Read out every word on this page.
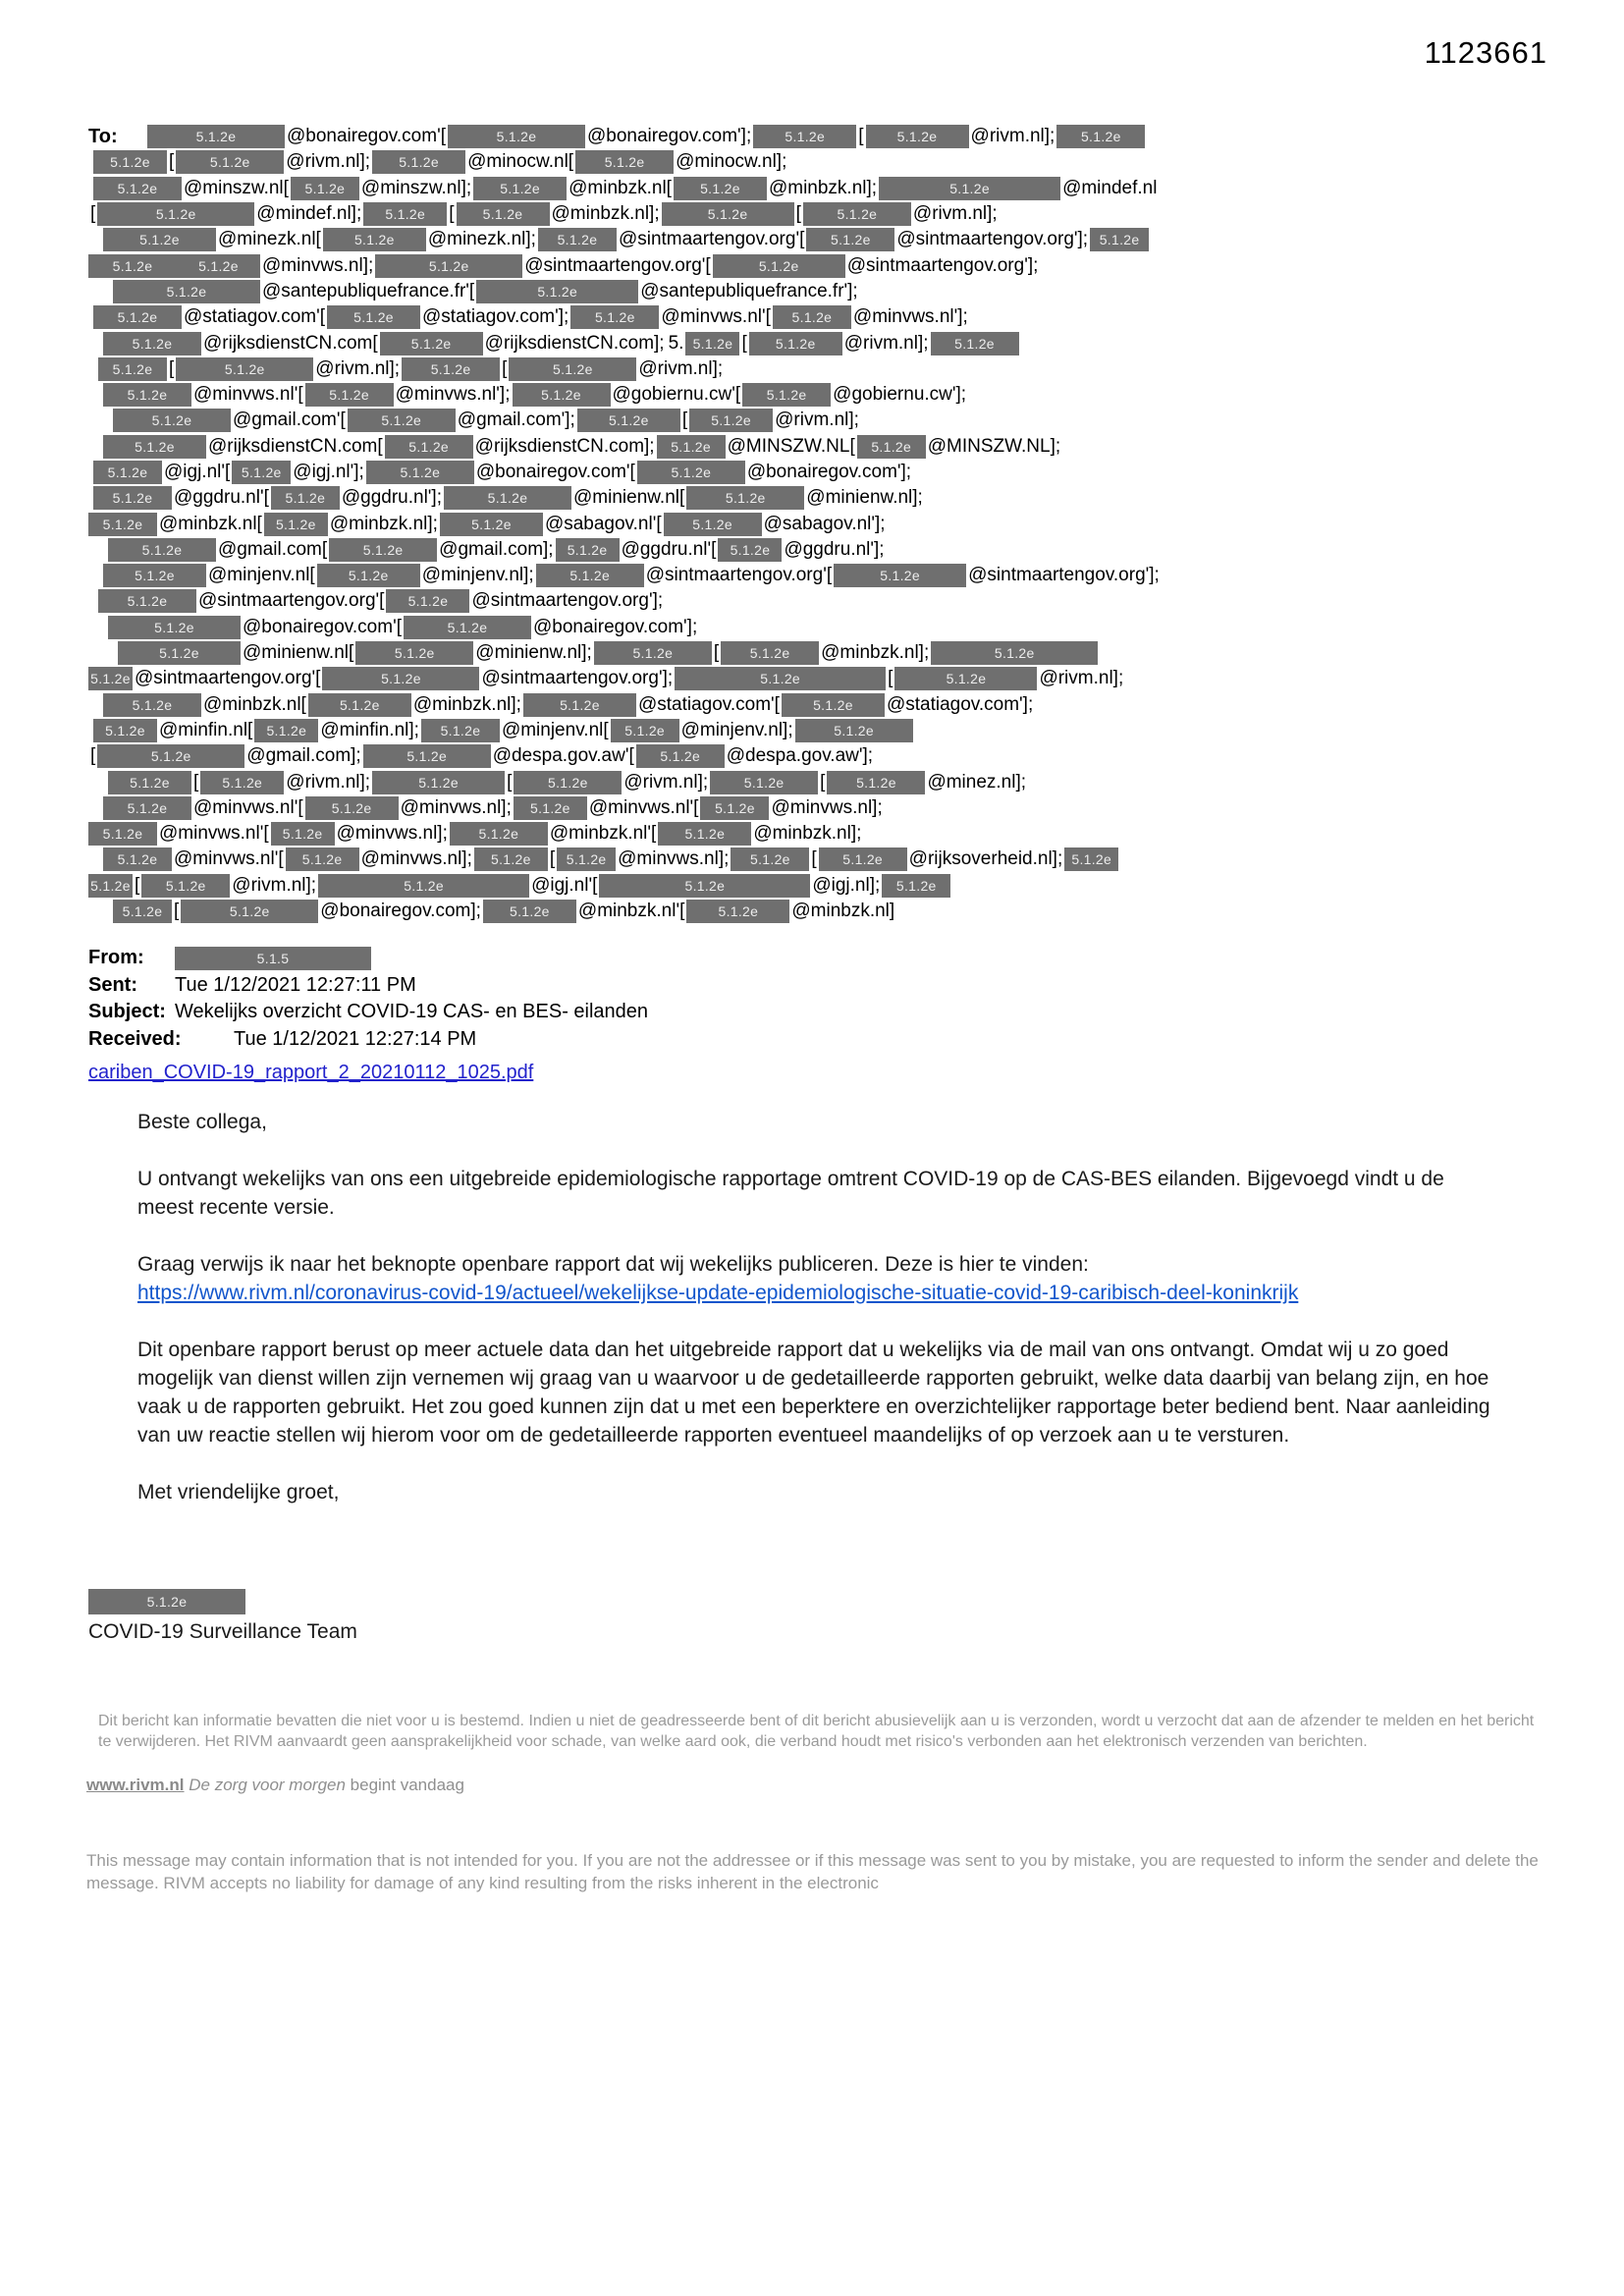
1123661
To:	5.1.2e	@bonairegov.com'[	5.1.2e	@bonairegov.com'];	5.1.2e	[	5.1.2e	@rivm.nl];	5.1.2e
5.1.2e	[	5.1.2e	@rivm.nl];	5.1.2e	@minocw.nl[	5.1.2e	@minocw.nl];
5.1.2e	@minszw.nl[	5.1.2e @minszw.nl];	5.1.2e	@minbzk.nl[	5.1.2e	@minbzk.nl];	5.1.2e	@mindef.nl
[	5.1.2e	@mindef.nl];	5.1.2e	[	5.1.2e	@minbzk.nl];	5.1.2e	[	5.1.2e	@rivm.nl];
5.1.2e	@minezk.nl[	5.1.2e	@minezk.nl];	5.1.2e	@sintmaartengov.org'[	5.1.2e	@sintmaartengov.org']; 5.1.2e
5.1.2e	5.1.2e	@minvws.nl];	5.1.2e	@sintmaartengov.org'[	5.1.2e	@sintmaartengov.org'];
5.1.2e	@santepubliquefrance.fr'[	5.1.2e	@santepubliquefrance.fr'];
5.1.2e	@statiagov.com'[	5.1.2e	@statiagov.com'];	5.1.2e	@minvws.nl'[	5.1.2e	@minvws.nl'];
5.1.2e	@rijksdienstCN.com[	5.1.2e	@rijksdienstCN.com]; 5. 5.1.2e [	5.1.2e	@rivm.nl];	5.1.2e
5.1.2e [	5.1.2e	@rivm.nl];	5.1.2e	[	5.1.2e	@rivm.nl];
5.1.2e	@minvws.nl'[	5.1.2e	@minvws.nl'];	5.1.2e	@gobiernu.cw'[	5.1.2e	@gobiernu.cw'];
5.1.2e	@gmail.com'[	5.1.2e	@gmail.com'];	5.1.2e	[	5.1.2e	@rivm.nl];
5.1.2e	@rijksdienstCN.com[	5.1.2e	@rijksdienstCN.com];	5.1.2e @MINSZW.NL[	5.1.2e @MINSZW.NL];
5.1.2e @igj.nl'[ 5.1.2e @igj.nl'];	5.1.2e	@bonairegov.com'[	5.1.2e	@bonairegov.com'];
5.1.2e	@ggdru.nl'[	5.1.2e @ggdru.nl'];	5.1.2e	@minienw.nl[	5.1.2e	@minienw.nl];
5.1.2e @minbzk.nl[	5.1.2e @minbzk.nl];	5.1.2e	@sabagov.nl'[	5.1.2e	@sabagov.nl'];
5.1.2e	@gmail.com[	5.1.2e	@gmail.com];	5.1.2e @ggdru.nl'[	5.1.2e @ggdru.nl'];
5.1.2e	@minjenv.nl[	5.1.2e	@minjenv.nl];	5.1.2e	@sintmaartengov.org'[	5.1.2e	@sintmaartengov.org'];
5.1.2e	@sintmaartengov.org'[	5.1.2e	@sintmaartengov.org'];
5.1.2e	@bonairegov.com'[	5.1.2e	@bonairegov.com'];
5.1.2e	@minienw.nl[	5.1.2e	@minienw.nl];	5.1.2e	[	5.1.2e	@minbzk.nl];	5.1.2e
5.1.2e @sintmaartengov.org'[	5.1.2e	@sintmaartengov.org'];	5.1.2e	[	5.1.2e	@rivm.nl];
5.1.2e	@minbzk.nl[	5.1.2e	@minbzk.nl];	5.1.2e	@statiagov.com'[	5.1.2e	@statiagov.com'];
5.1.2e @minfin.nl[	5.1.2e @minfin.nl];	5.1.2e	@minjenv.nl[	5.1.2e @minjenv.nl];	5.1.2e
[	5.1.2e	@gmail.com];	5.1.2e	@despa.gov.aw'[	5.1.2e	@despa.gov.aw'];
5.1.2e	[	5.1.2e	@rivm.nl];	5.1.2e	[	5.1.2e	@rivm.nl];	5.1.2e	[	5.1.2e	@minez.nl];
5.1.2e	@minvws.nl'[	5.1.2e	@minvws.nl];	5.1.2e	@minvws.nl'[	5.1.2e @minvws.nl];
5.1.2e @minvws.nl'[	5.1.2e @minvws.nl];	5.1.2e	@minbzk.nl'[	5.1.2e	@minbzk.nl];
5.1.2e @minvws.nl'[	5.1.2e	@minvws.nl];	5.1.2e	[ 5.1.2e @minvws.nl];	5.1.2e	[	5.1.2e	@rijksoverheid.nl]; 5.1.2e
5.1.2e [	5.1.2e	@rivm.nl];	5.1.2e	@igj.nl'[	5.1.2e	@igj.nl];	5.1.2e
5.1.2e [	5.1.2e	@bonairegov.com];	5.1.2e	@minbzk.nl'[	5.1.2e	@minbzk.nl]
From:	5.1.5
Sent:	Tue 1/12/2021 12:27:11 PM
Subject: Wekelijks overzicht COVID-19 CAS- en BES- eilanden
Received:	Tue 1/12/2021 12:27:14 PM
cariben_COVID-19_rapport_2_20210112_1025.pdf

Beste collega,

U ontvangt wekelijks van ons een uitgebreide epidemiologische rapportage omtrent COVID-19 op de CAS-BES eilanden. Bijgevoegd vindt u de meest recente versie.

Graag verwijs ik naar het beknopte openbare rapport dat wij wekelijks publiceren. Deze is hier te vinden:
https://www.rivm.nl/coronavirus-covid-19/actueel/wekelijkse-update-epidemiologische-situatie-covid-19-caribisch-deel-koninkrijk

Dit openbare rapport berust op meer actuele data dan het uitgebreide rapport dat u wekelijks via de mail van ons ontvangt. Omdat wij u zo goed mogelijk van dienst willen zijn vernemen wij graag van u waarvoor u de gedetailleerde rapporten gebruikt, welke data daarbij van belang zijn, en hoe vaak u de rapporten gebruikt. Het zou goed kunnen zijn dat u met een beperktere en overzichtelijker rapportage beter bediend bent. Naar aanleiding van uw reactie stellen wij hierom voor om de gedetailleerde rapporten eventueel maandelijks of op verzoek aan u te versturen.

Met vriendelijke groet,

5.1.2e

COVID-19 Surveillance Team

Dit bericht kan informatie bevatten die niet voor u is bestemd. Indien u niet de geadresseerde bent of dit bericht abusievelijk aan u is verzonden, wordt u verzocht dat aan de afzender te melden en het bericht te verwijderen. Het RIVM aanvaardt geen aansprakelijkheid voor schade, van welke aard ook, die verband houdt met risico's verbonden aan het elektronisch verzenden van berichten.
www.rivm.nl De zorg voor morgen begint vandaag
This message may contain information that is not intended for you. If you are not the addressee or if this message was sent to you by mistake, you are requested to inform the sender and delete the message. RIVM accepts no liability for damage of any kind resulting from the risks inherent in the electronic
